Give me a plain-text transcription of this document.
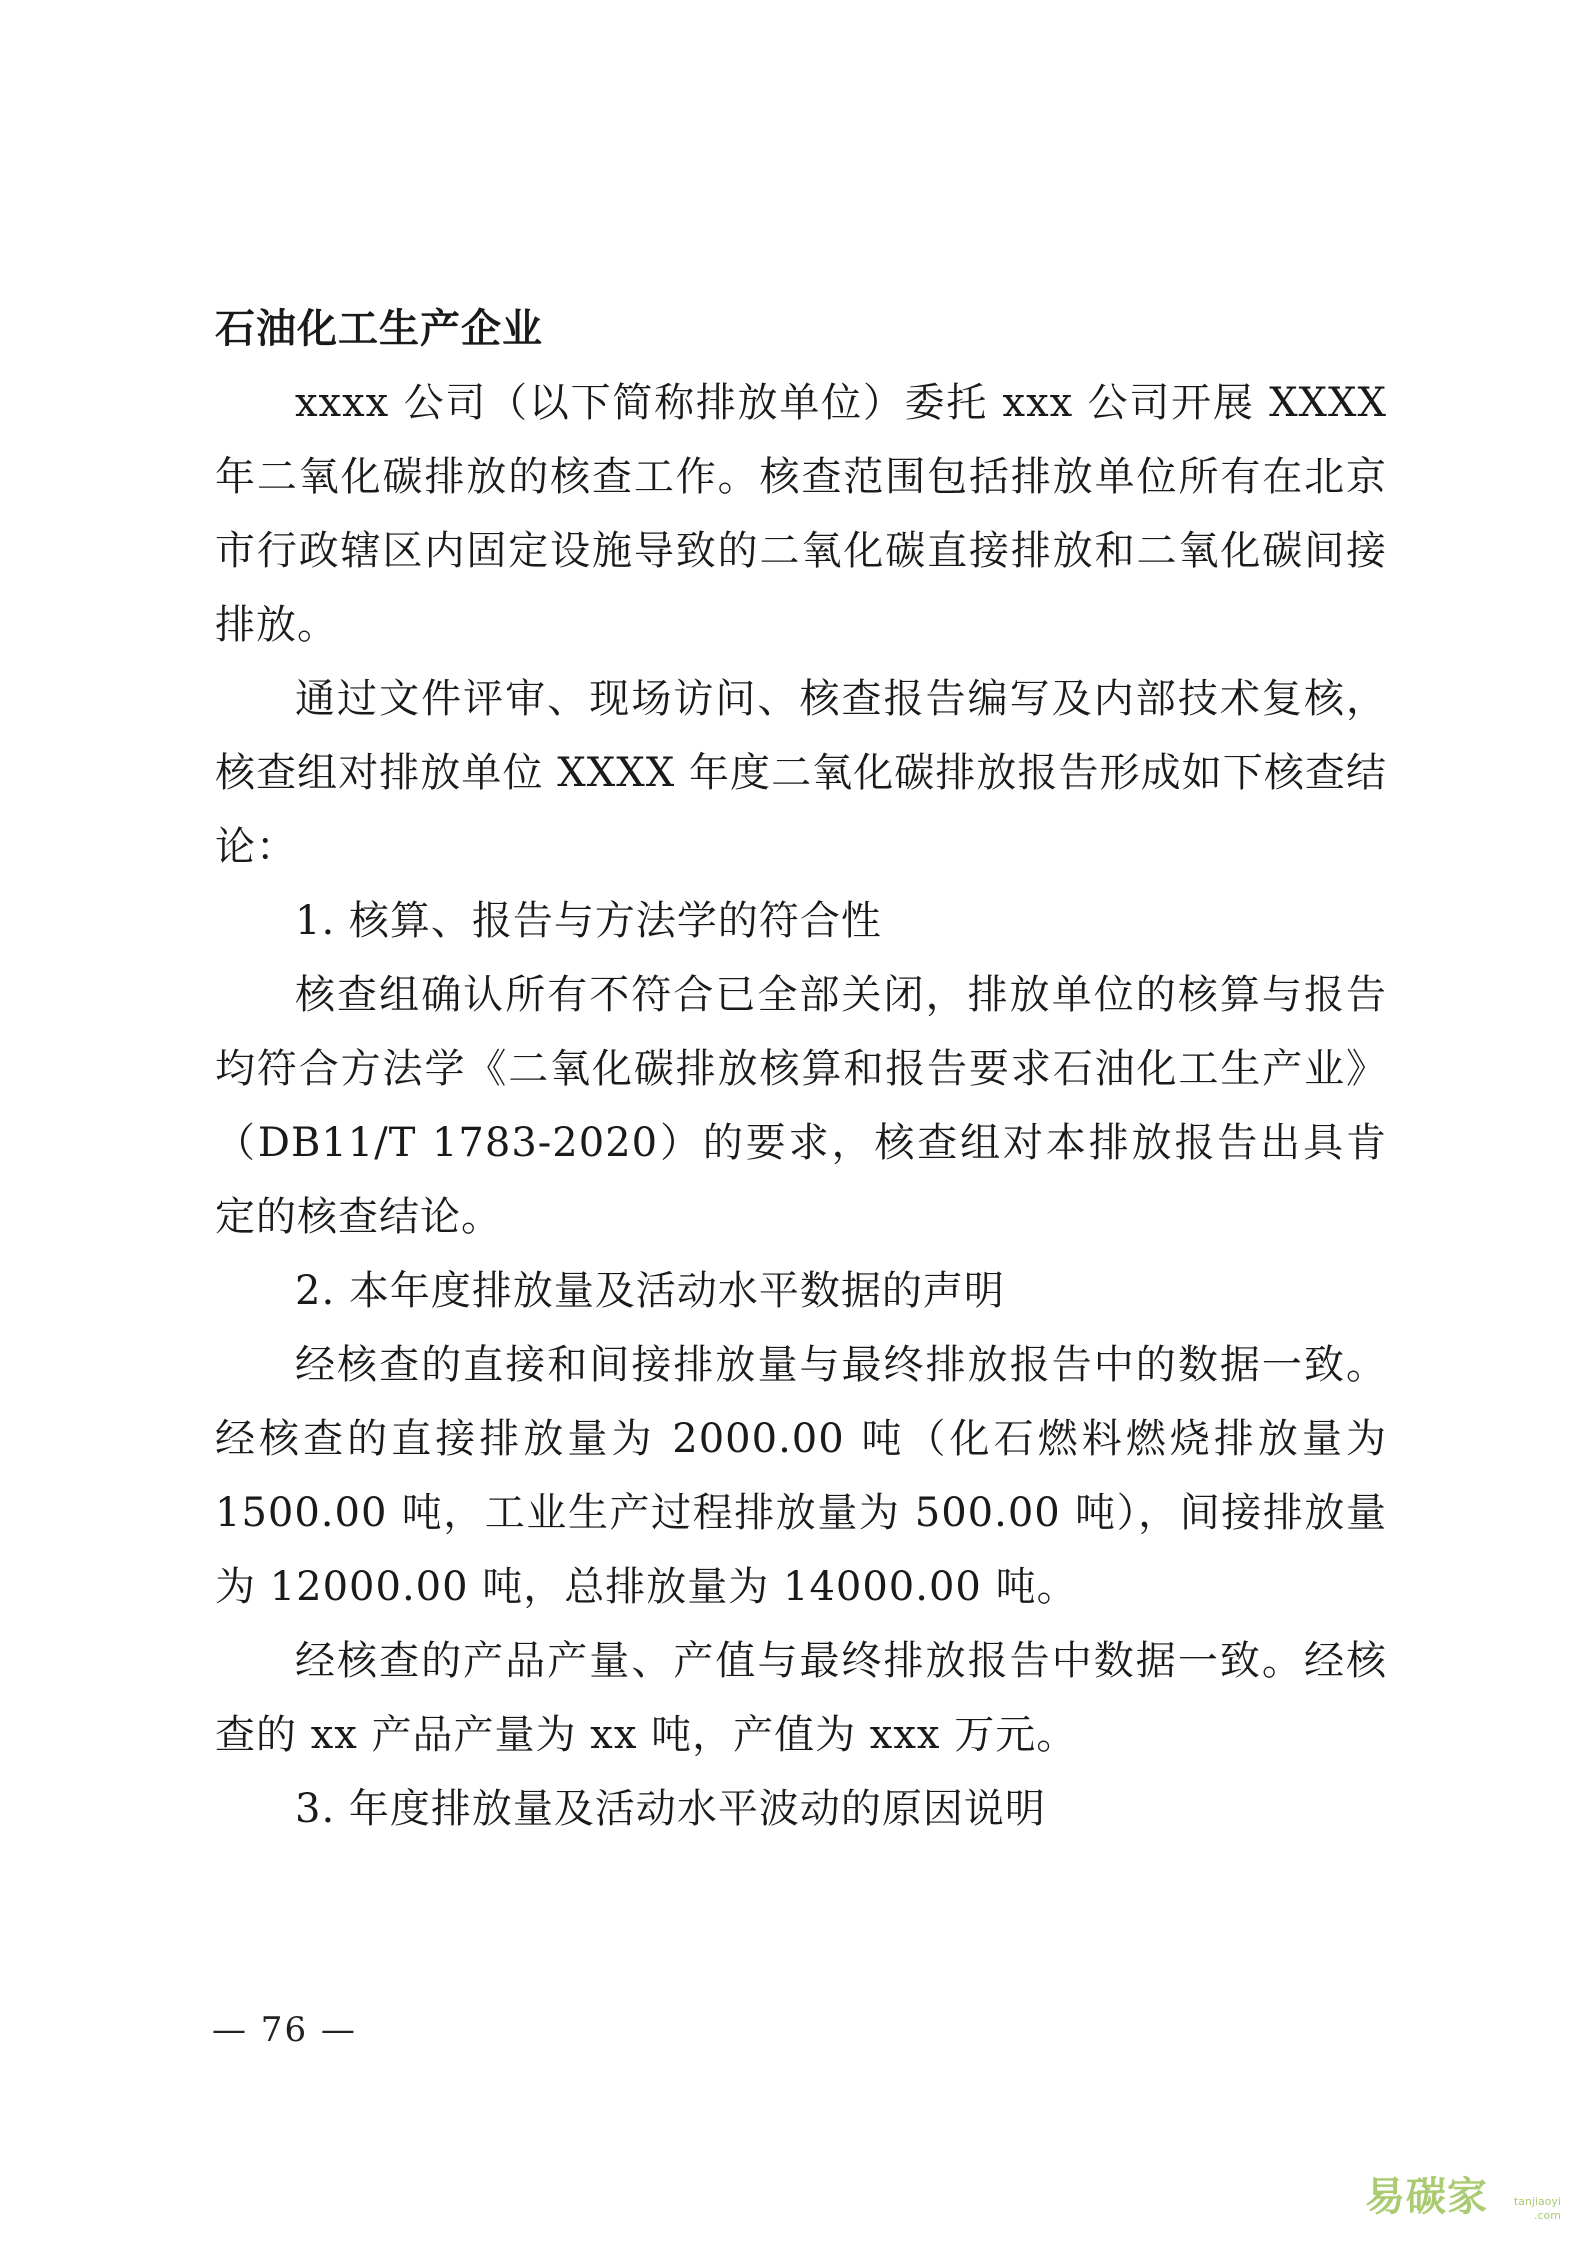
石油化工生产企业

xxxx 公司（以下简称排放单位）委托 xxx 公司开展 XXXX 年二氧化碳排放的核查工作。核查范围包括排放单位所有在北京市行政辖区内固定设施导致的二氧化碳直接排放和二氧化碳间接排放。

通过文件评审、现场访问、核查报告编写及内部技术复核，核查组对排放单位 XXXX 年度二氧化碳排放报告形成如下核查结论：

1. 核算、报告与方法学的符合性

核查组确认所有不符合已全部关闭，排放单位的核算与报告均符合方法学《二氧化碳排放核算和报告要求石油化工生产业》（DB11/T 1783-2020）的要求，核查组对本排放报告出具肯定的核查结论。

2. 本年度排放量及活动水平数据的声明

经核查的直接和间接排放量与最终排放报告中的数据一致。经核查的直接排放量为 2000.00 吨（化石燃料燃烧排放量为 1500.00 吨，工业生产过程排放量为 500.00 吨），间接排放量为 12000.00 吨，总排放量为 14000.00 吨。

经核查的产品产量、产值与最终排放报告中数据一致。经核查的 xx 产品产量为 xx 吨，产值为 xxx 万元。

3. 年度排放量及活动水平波动的原因说明

— 76 —
易碳家 tanjiaoyi
.com
